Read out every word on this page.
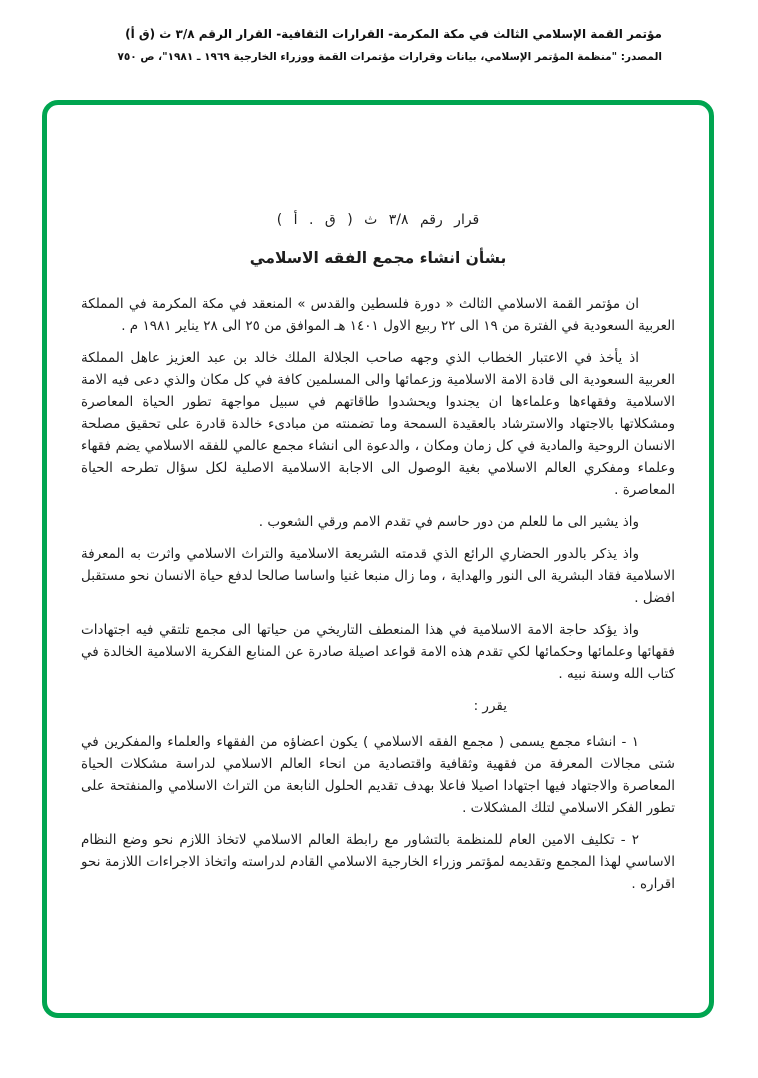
مؤتمر القمة الإسلامي الثالث في مكة المكرمة- القرارات الثقافية- القرار الرقم ٣/٨ ث (ق أ)
المصدر: "منظمة المؤتمر الإسلامي، بيانات وقرارات مؤتمرات القمة ووزراء الخارجية ١٩٦٩ ـ ١٩٨١"، ص ٧٥٠
قرار رقم ٣/٨ ث ( ق . أ )
بشأن انشاء مجمع الفقه الاسلامي

ان مؤتمر القمة الاسلامي الثالث « دورة فلسطين والقدس » المنعقد في مكة المكرمة في المملكة العربية السعودية في الفترة من ١٩ الى ٢٢ ربيع الاول ١٤٠١ هـ الموافق من ٢٥ الى ٢٨ يناير ١٩٨١ م .

اذ يأخذ في الاعتبار الخطاب الذي وجهه صاحب الجلالة الملك خالد بن عبد العزيز عاهل المملكة العربية السعودية الى قادة الامة الاسلامية وزعمائها والى المسلمين كافة في كل مكان والذي دعى فيه الامة الاسلامية وفقهاءها وعلماءها ان يجندوا ويحشدوا طاقاتهم في سبيل مواجهة تطور الحياة المعاصرة ومشكلاتها بالاجتهاد والاسترشاد بالعقيدة السمحة وما تضمنته من مبادىء خالدة قادرة على تحقيق مصلحة الانسان الروحية والمادية في كل زمان ومكان ، والدعوة الى انشاء مجمع عالمي للفقه الاسلامي يضم فقهاء وعلماء ومفكري العالم الاسلامي بغية الوصول الى الاجابة الاسلامية الاصلية لكل سؤال تطرحه الحياة المعاصرة .

واذ يشير الى ما للعلم من دور حاسم في تقدم الامم ورقي الشعوب .

واذ يذكر بالدور الحضاري الرائع الذي قدمته الشريعة الاسلامية والتراث الاسلامي واثرت به المعرفة الاسلامية فقاد البشرية الى النور والهداية ، وما زال منبعا غنيا واساسا صالحا لدفع حياة الانسان نحو مستقبل افضل .

واذ يؤكد حاجة الامة الاسلامية في هذا المنعطف التاريخي من حياتها الى مجمع تلتقي فيه اجتهادات فقهائها وعلمائها وحكمائها لكي تقدم هذه الامة قواعد اصيلة صادرة عن المنابع الفكرية الاسلامية الخالدة في كتاب الله وسنة نبيه .

يقرر :

١ - انشاء مجمع يسمى ( مجمع الفقه الاسلامي ) يكون اعضاؤه من الفقهاء والعلماء والمفكرين في شتى مجالات المعرفة من فقهية وثقافية واقتصادية من انحاء العالم الاسلامي لدراسة مشكلات الحياة المعاصرة والاجتهاد فيها اجتهادا اصيلا فاعلا بهدف تقديم الحلول النابعة من التراث الاسلامي والمنفتحة على تطور الفكر الاسلامي لتلك المشكلات .

٢ - تكليف الامين العام للمنظمة بالتشاور مع رابطة العالم الاسلامي لاتخاذ اللازم نحو وضع النظام الاساسي لهذا المجمع وتقديمه لمؤتمر وزراء الخارجية الاسلامي القادم لدراسته واتخاذ الاجراءات اللازمة نحو اقراره .
